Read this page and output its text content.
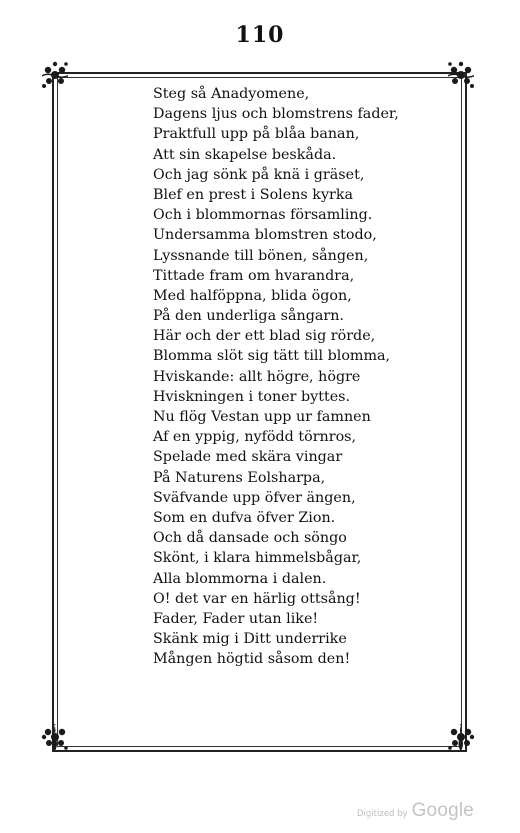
110
Steg så Anadyomene,
Dagens ljus och blomstrens fader,
Praktfull upp på blåa banan,
Att sin skapelse beskåda.
Och jag sönk på knä i gräset,
Blef en prest i Solens kyrka
Och i blommornas församling.
Undersamma blomstren stodo,
Lyssnande till bönen, sången,
Tittade fram om hvarandra,
Med halföppna, blida ögon,
På den underliga sångarn.
Här och der ett blad sig rörde,
Blomma slöt sig tätt till blomma,
Hviskande: allt högre, högre
Hviskningen i toner byttes.
Nu flög Vestan upp ur famnen
Af en yppig, nyfödd törnros,
Spelade med skära vingar
På Naturens Eolsharpa,
Sväfvande upp öfver ängen,
Som en dufva öfver Zion.
Och då dansade och söngo
Skönt, i klara himmelsbågar,
Alla blommorna i dalen.
O! det var en härlig ottsång!
Fader, Fader utan like!
Skänk mig i Ditt underrike
Mången högtid såsom den!
Digitized by Google
